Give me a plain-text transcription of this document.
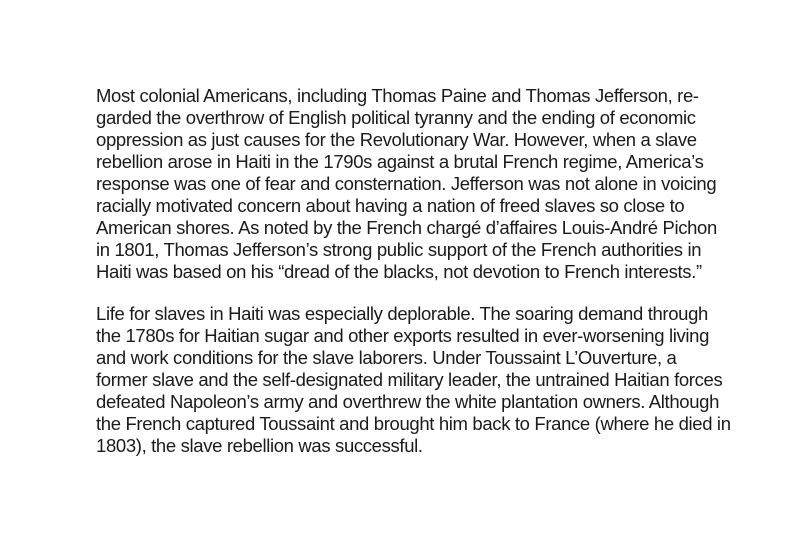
Most colonial Americans, including Thomas Paine and Thomas Jefferson, re-
garded the overthrow of English political tyranny and the ending of economic
oppression as just causes for the Revolutionary War. However, when a slave
rebellion arose in Haiti in the 1790s against a brutal French regime, America’s
response was one of fear and consternation. Jefferson was not alone in voicing
racially motivated concern about having a nation of freed slaves so close to
American shores. As noted by the French chargé d’affaires Louis-André Pichon
in 1801, Thomas Jefferson’s strong public support of the French authorities in
Haiti was based on his “dread of the blacks, not devotion to French interests.”
Life for slaves in Haiti was especially deplorable. The soaring demand through
the 1780s for Haitian sugar and other exports resulted in ever-worsening living
and work conditions for the slave laborers. Under Toussaint L’Ouverture, a
former slave and the self-designated military leader, the untrained Haitian forces
defeated Napoleon’s army and overthrew the white plantation owners. Although
the French captured Toussaint and brought him back to France (where he died in
1803), the slave rebellion was successful.
